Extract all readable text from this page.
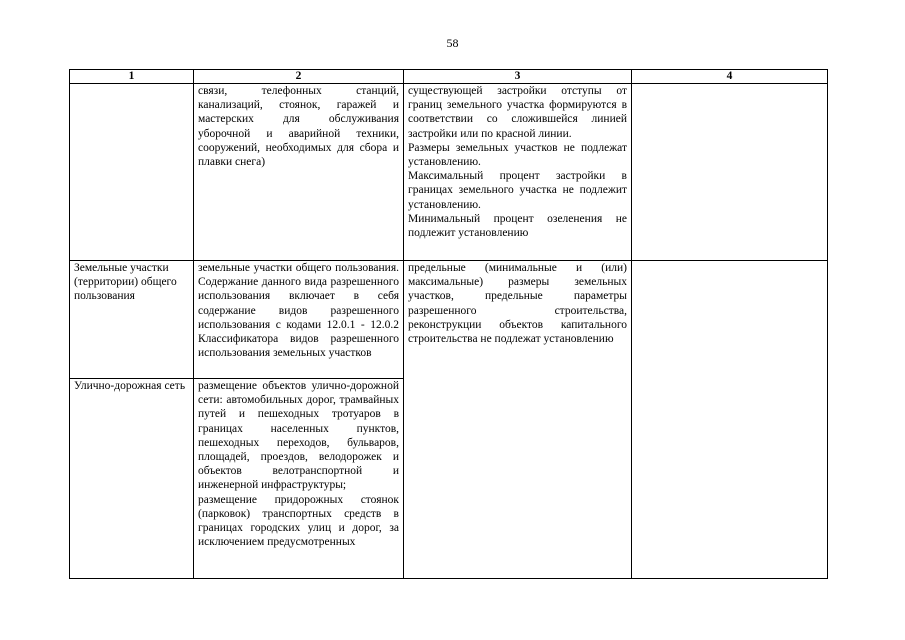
58
1	2	3	4

	связи, телефонных станций, канализаций, стоянок, гаражей и мастерских для обслуживания уборочной и аварийной техники, сооружений, необходимых для сбора и плавки снега)	существующей застройки отступы от границ земельного участка формируются в соответствии со сложившейся линией застройки или по красной линии.
Размеры земельных участков не подлежат установлению.
Максимальный процент застройки в границах земельного участка не подлежит установлению.
Минимальный процент озеленения не подлежит установлению	

Земельные участки (территории) общего пользования	земельные участки общего пользования. Содержание данного вида разрешенного использования включает в себя содержание видов разрешенного использования с кодами 12.0.1 - 12.0.2 Классификатора видов разрешенного использования земельных участков	предельные (минимальные и (или) максимальные) размеры земельных участков, предельные параметры разрешенного строительства, реконструкции объектов капитального строительства не подлежат установлению	

Улично-дорожная сеть	размещение объектов улично-дорожной сети: автомобильных дорог, трамвайных путей и пешеходных тротуаров в границах населенных пунктов, пешеходных переходов, бульваров, площадей, проездов, велодорожек и объектов велотранспортной и инженерной инфраструктуры;
размещение придорожных стоянок (парковок) транспортных средств в границах городских улиц и дорог, за исключением предусмотренных		
